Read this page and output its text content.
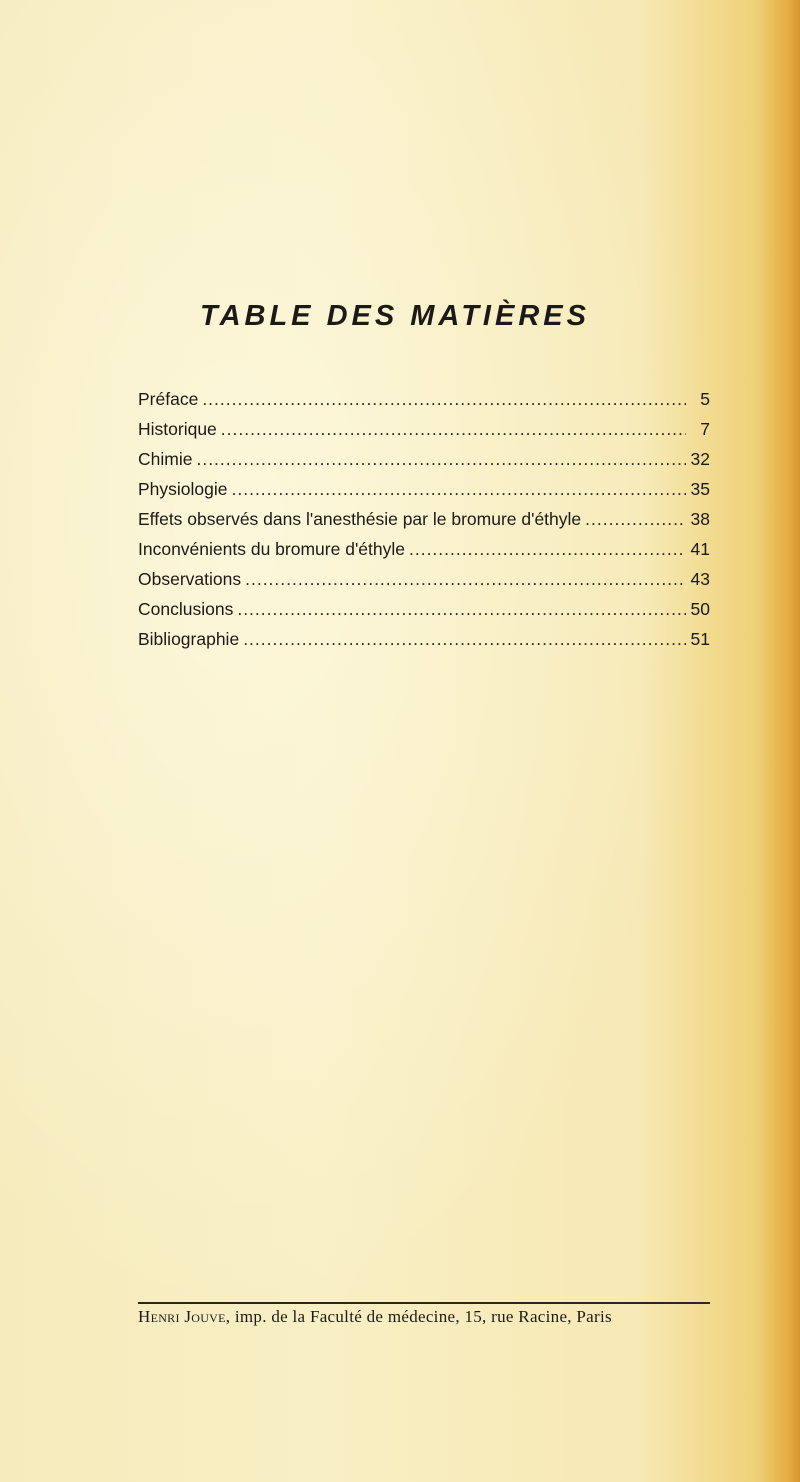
TABLE DES MATIÈRES
Préface .....	5
Historique .....	7
Chimie .....	32
Physiologie .....	35
Effets observés dans l'anesthésie par le bromure d'éthyle .....	38
Inconvénients du bromure d'éthyle .....	41
Observations .....	43
Conclusions .....	50
Bibliographie .....	51

Henri Jouve, imp. de la Faculté de médecine, 15, rue Racine, Paris
